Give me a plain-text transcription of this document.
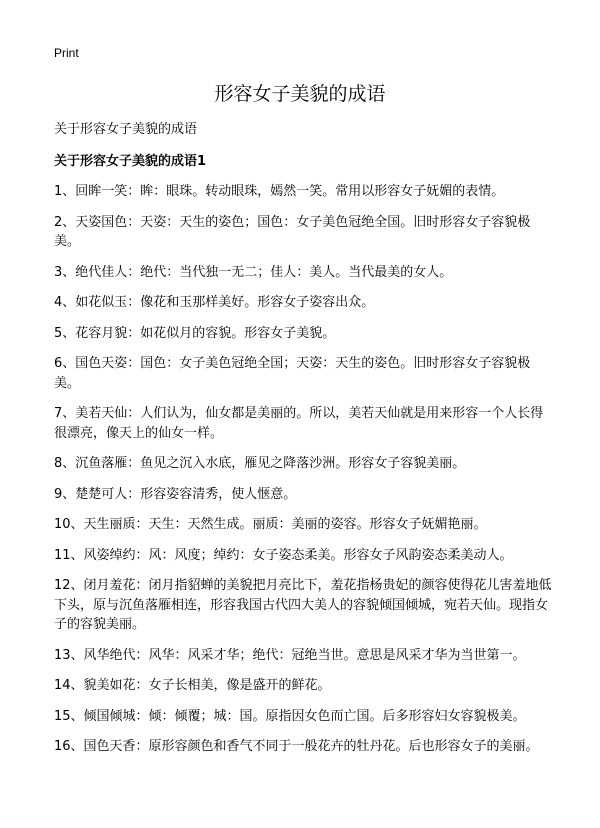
Print
形容女子美貌的成语
关于形容女子美貌的成语
关于形容女子美貌的成语1
1、回眸一笑：眸：眼珠。转动眼珠，嫣然一笑。常用以形容女子妩媚的表情。
2、天姿国色：天姿：天生的姿色；国色：女子美色冠绝全国。旧时形容女子容貌极美。
3、绝代佳人：绝代：当代独一无二；佳人：美人。当代最美的女人。
4、如花似玉：像花和玉那样美好。形容女子姿容出众。
5、花容月貌：如花似月的容貌。形容女子美貌。
6、国色天姿：国色：女子美色冠绝全国；天姿：天生的姿色。旧时形容女子容貌极美。
7、美若天仙：人们认为，仙女都是美丽的。所以，美若天仙就是用来形容一个人长得很漂亮，像天上的仙女一样。
8、沉鱼落雁：鱼见之沉入水底，雁见之降落沙洲。形容女子容貌美丽。
9、楚楚可人：形容姿容清秀，使人惬意。
10、天生丽质：天生：天然生成。丽质：美丽的姿容。形容女子妩媚艳丽。
11、风姿绰约：风：风度；绰约：女子姿态柔美。形容女子风韵姿态柔美动人。
12、闭月羞花：闭月指貂蝉的美貌把月亮比下，羞花指杨贵妃的颜容使得花儿害羞地低下头，原与沉鱼落雁相连，形容我国古代四大美人的容貌倾国倾城，宛若天仙。现指女子的容貌美丽。
13、风华绝代：风华：风采才华；绝代：冠绝当世。意思是风采才华为当世第一。
14、貌美如花：女子长相美，像是盛开的鲜花。
15、倾国倾城：倾：倾覆；城：国。原指因女色而亡国。后多形容妇女容貌极美。
16、国色天香：原形容颜色和香气不同于一般花卉的牡丹花。后也形容女子的美丽。
